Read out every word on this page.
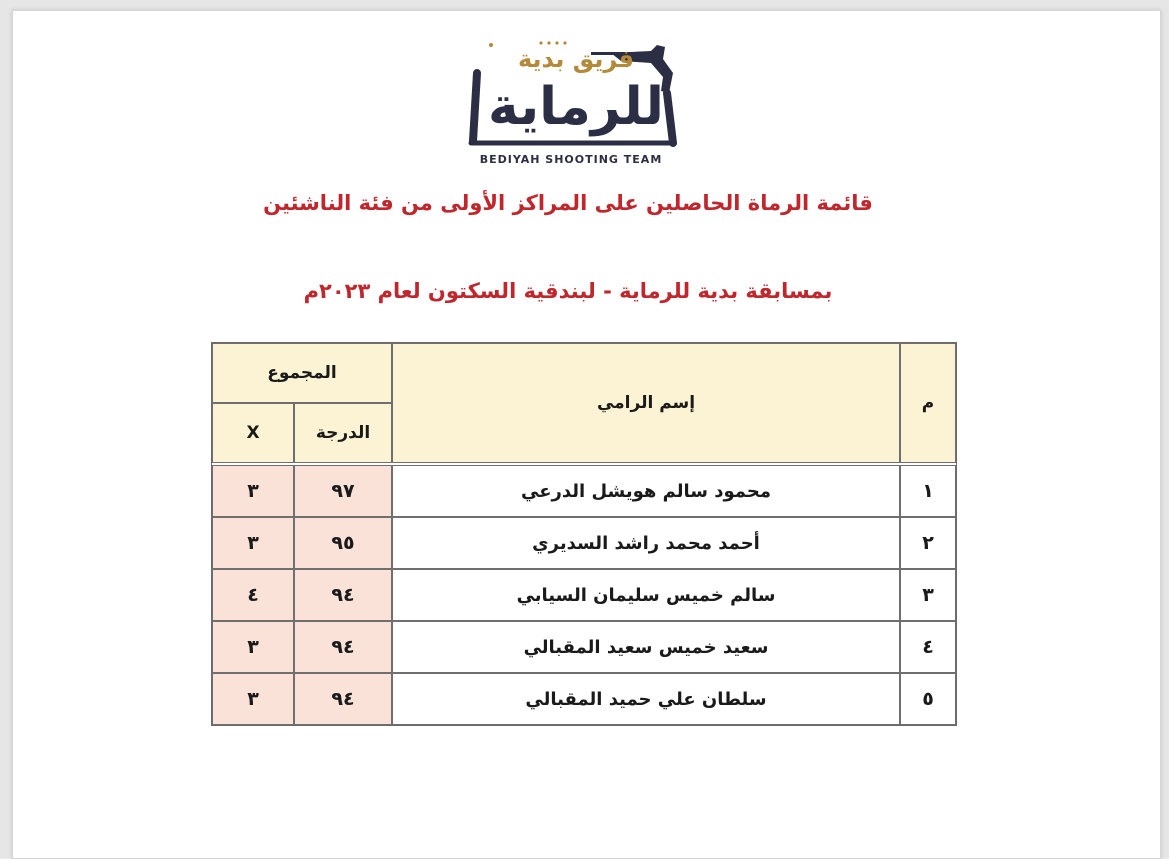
فريق بدية
للرماية
BEDIYAH SHOOTING TEAM
قائمة الرماة الحاصلين على المراكز الأولى من فئة الناشئين
بمسابقة بدية للرماية - لبندقية السكتون لعام ٢٠٢٣م
المجموع
X	الدرجة
إسم الرامي	م
٣	٩٧	محمود سالم هويشل الدرعي	١
٣	٩٥	أحمد محمد راشد السديري	٢
٤	٩٤	سالم خميس سليمان السيابي	٣
٣	٩٤	سعيد خميس سعيد المقبالي	٤
٣	٩٤	سلطان علي حميد المقبالي	٥
